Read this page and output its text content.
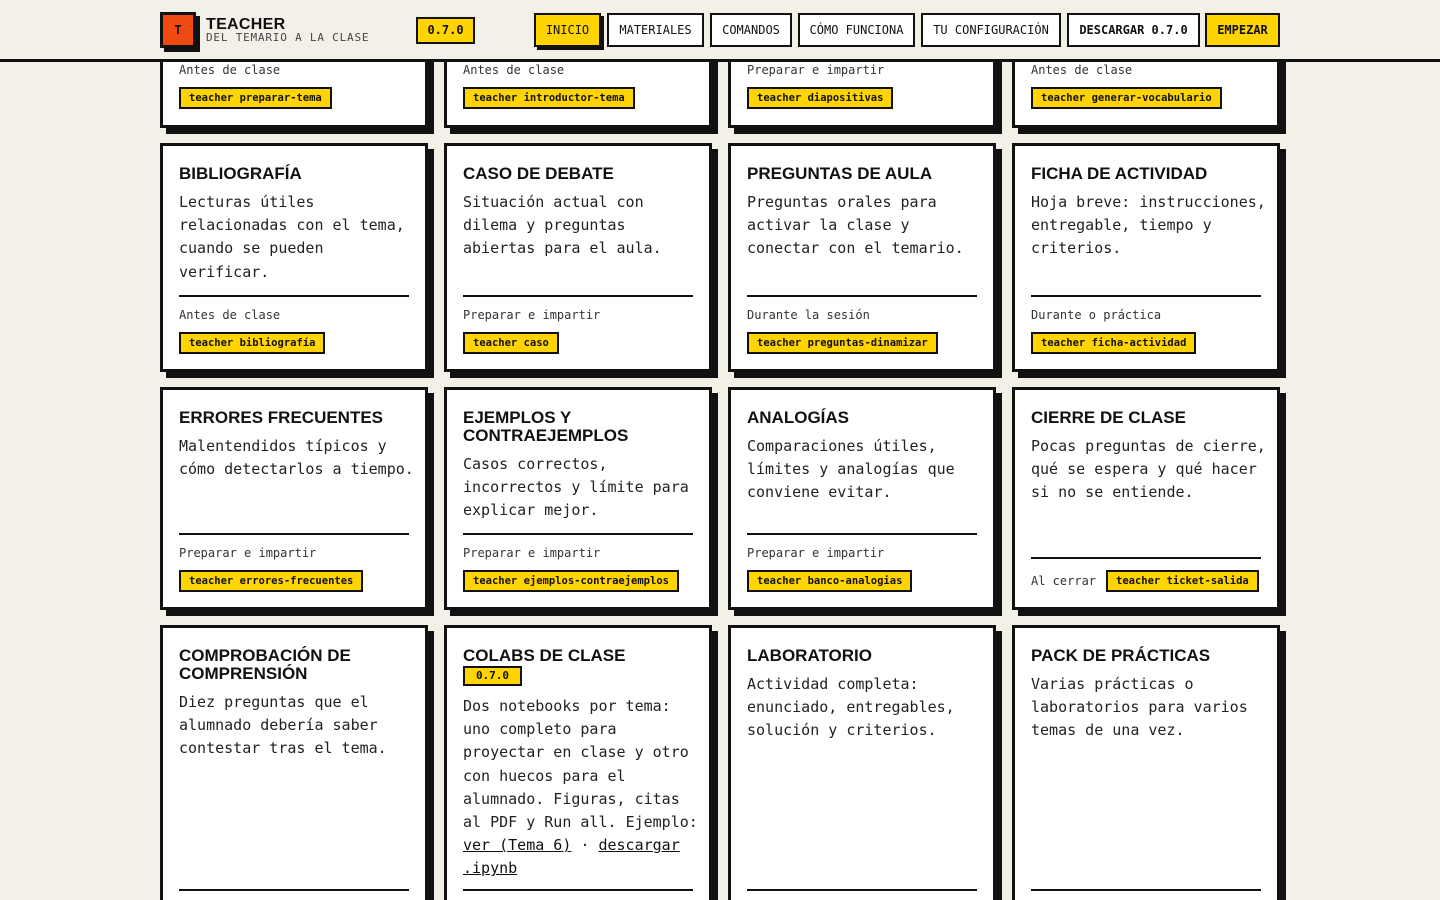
T	TEACHER
DEL TEMARIO A LA CLASE
0.7.0	INICIO	MATERIALES	COMANDOS	CÓMO FUNCIONA	TU CONFIGURACIÓN	DESCARGAR 0.7.0	EMPEZAR
Antes de clase
teacher preparar-tema
Antes de clase
teacher introductor-tema
Preparar e impartir
teacher diapositivas
Antes de clase
teacher generar-vocabulario
BIBLIOGRAFÍA
Lecturas útiles relacionadas con el tema, cuando se pueden verificar.
Antes de clase
teacher bibliografía
CASO DE DEBATE
Situación actual con dilema y preguntas abiertas para el aula.
Preparar e impartir
teacher caso
PREGUNTAS DE AULA
Preguntas orales para activar la clase y conectar con el temario.
Durante la sesión
teacher preguntas-dinamizar
FICHA DE ACTIVIDAD
Hoja breve: instrucciones, entregable, tiempo y criterios.
Durante o práctica
teacher ficha-actividad
ERRORES FRECUENTES
Malentendidos típicos y cómo detectarlos a tiempo.
Preparar e impartir
teacher errores-frecuentes
EJEMPLOS Y CONTRAEJEMPLOS
Casos correctos, incorrectos y límite para explicar mejor.
Preparar e impartir
teacher ejemplos-contraejemplos
ANALOGÍAS
Comparaciones útiles, límites y analogías que conviene evitar.
Preparar e impartir
teacher banco-analogias
CIERRE DE CLASE
Pocas preguntas de cierre, qué se espera y qué hacer si no se entiende.
Al cerrar	teacher ticket-salida
COMPROBACIÓN DE COMPRENSIÓN
Diez preguntas que el alumnado debería saber contestar tras el tema.
COLABS DE CLASE
0.7.0
Dos notebooks por tema: uno completo para proyectar en clase y otro con huecos para el alumnado. Figuras, citas al PDF y Run all. Ejemplo: ver (Tema 6) · descargar .ipynb
LABORATORIO
Actividad completa: enunciado, entregables, solución y criterios.
PACK DE PRÁCTICAS
Varias prácticas o laboratorios para varios temas de una vez.
